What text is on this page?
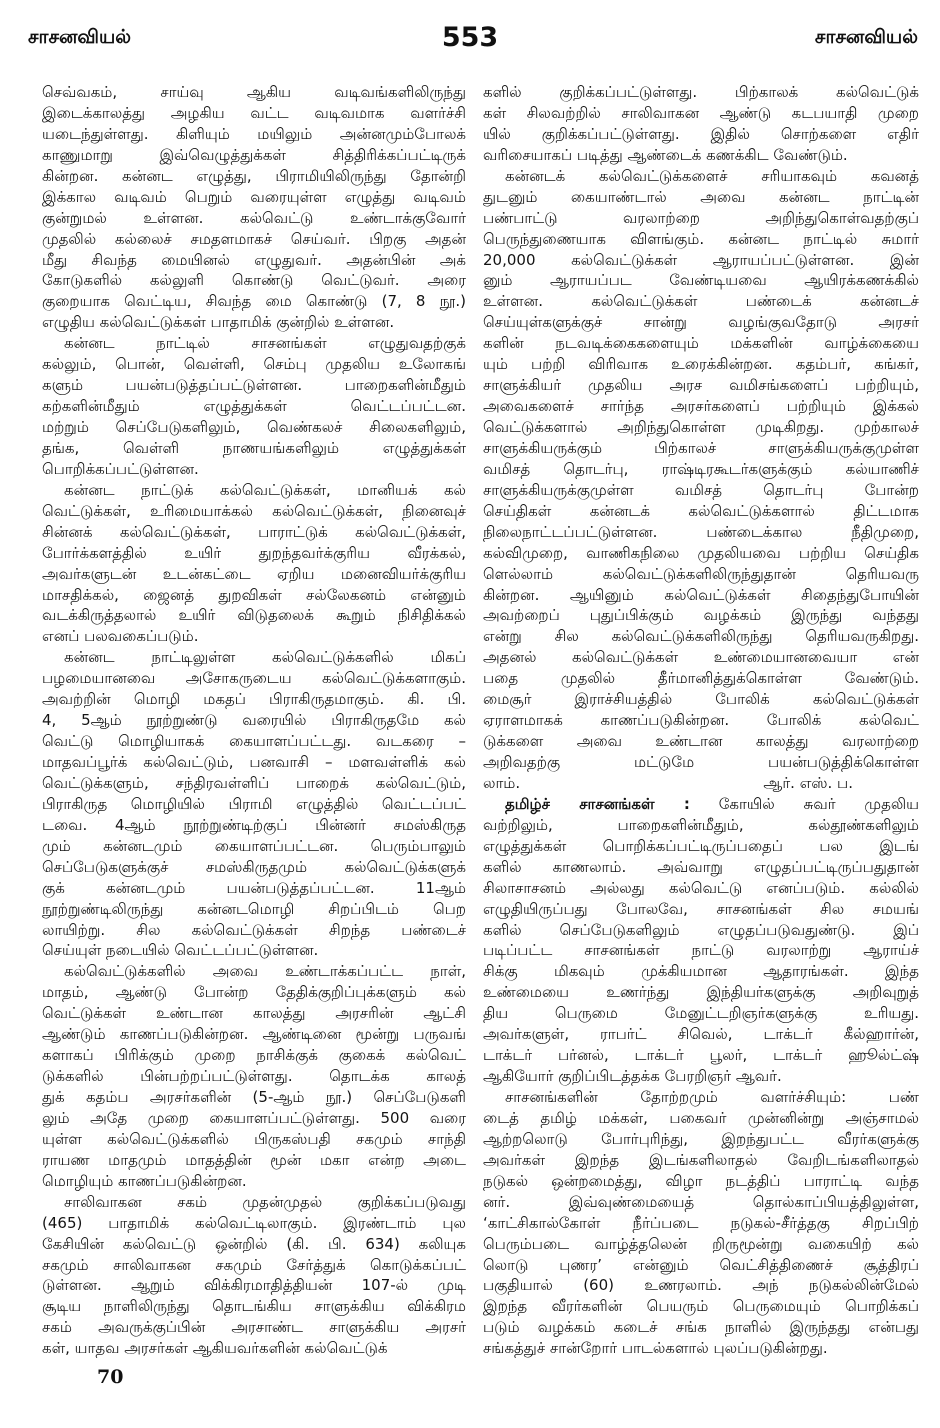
சாசனவியல்	553	சாசனவியல்
செவ்வகம், சாய்வு ஆகிய வடிவங்களிலிருந்து
இடைக்காலத்து அழகிய வட்ட வடிவமாக வளர்ச்சி
யடைந்துள்ளது. கிளியும் மயிலும் அன்னமும்போலக்
காணுமாறு இவ்வெழுத்துக்கள் சித்திரிக்கப்பட்டிருக்
கின்றன. கன்னட எழுத்து, பிராமியிலிருந்து தோன்றி
இக்கால வடிவம் பெறும் வரையுள்ள எழுத்து வடிவம்
குன்றுமல் உள்ளன. கல்வெட்டு உண்டாக்குவோர்
முதலில் கல்லைச் சமதளமாகச் செய்வர். பிறகு அதன்
மீது சிவந்த மையினல் எழுதுவர். அதன்பின் அக்
கோடுகளில் கல்லுளி கொண்டு வெட்டுவர். அரை
குறையாக வெட்டிய, சிவந்த மை கொண்டு (7, 8 நூ.)
எழுதிய கல்வெட்டுக்கள் பாதாமிக் குன்றில் உள்ளன.
கன்னட நாட்டில் சாசனங்கள் எழுதுவதற்குக்
கல்லும், பொன், வெள்ளி, செம்பு முதலிய உலோகங்
களும் பயன்படுத்தப்பட்டுள்ளன. பாறைகளின்மீதும்
கற்களின்மீதும் எழுத்துக்கள் வெட்டப்பட்டன.
மற்றும் செப்பேடுகளிலும், வெண்கலச் சிலைகளிலும்,
தங்க, வெள்ளி நாணயங்களிலும் எழுத்துக்கள்
பொறிக்கப்பட்டுள்ளன.
கன்னட நாட்டுக் கல்வெட்டுக்கள், மானியக் கல்
வெட்டுக்கள், உரிமையாக்கல் கல்வெட்டுக்கள், நினைவுச்
சின்னக் கல்வெட்டுக்கள், பாராட்டுக் கல்வெட்டுக்கள்,
போர்க்களத்தில் உயிர் துறந்தவர்க்குரிய வீரக்கல்,
அவர்களுடன் உடன்கட்டை ஏறிய மனைவியர்க்குரிய
மாசதிக்கல், ஜைனத் துறவிகள் சல்லேகனம் என்னும்
வடக்கிருத்தலால் உயிர் விடுதலைக் கூறும் நிசிதிக்கல்
எனப் பலவகைப்படும்.
கன்னட நாட்டிலுள்ள கல்வெட்டுக்களில் மிகப்
பழமையானவை அசோகருடைய கல்வெட்டுக்களாகும்.
அவற்றின் மொழி மகதப் பிராகிருதமாகும். கி. பி.
4, 5ஆம் நூற்றுண்டு வரையில் பிராகிருதமே கல்
வெட்டு மொழியாகக் கையாளப்பட்டது. வடகரை –
மாதவப்பூர்க் கல்வெட்டும், பனவாசி – மளவள்ளிக் கல்
வெட்டுக்களும், சந்திரவள்ளிப் பாறைக் கல்வெட்டும்,
பிராகிருத மொழியில் பிராமி எழுத்தில் வெட்டப்பட்
டவை. 4ஆம் நூற்றுண்டிற்குப் பின்னர் சமஸ்கிருத
மும் கன்னடமும் கையாளப்பட்டன. பெரும்பாலும்
செப்பேடுகளுக்குச் சமஸ்கிருதமும் கல்வெட்டுக்களுக்
குக் கன்னடமும் பயன்படுத்தப்பட்டன. 11ஆம்
நூற்றுண்டிலிருந்து கன்னடமொழி சிறப்பிடம் பெற
லாயிற்று. சில கல்வெட்டுக்கள் சிறந்த பண்டைச்
செய்யுள் நடையில் வெட்டப்பட்டுள்ளன.
கல்வெட்டுக்களில் அவை உண்டாக்கப்பட்ட நாள்,
மாதம், ஆண்டு போன்ற தேதிக்குறிப்புக்களும் கல்
வெட்டுக்கள் உண்டான காலத்து அரசரின் ஆட்சி
ஆண்டும் காணப்படுகின்றன. ஆண்டினை மூன்று பருவங்
களாகப் பிரிக்கும் முறை நாசிக்குக் குகைக் கல்வெட்
டுக்களில் பின்பற்றப்பட்டுள்ளது. தொடக்க காலத்
துக் கதம்ப அரசர்களின் (5-ஆம் நூ.) செப்பேடுகளி
லும் அதே முறை கையாளப்பட்டுள்ளது. 500 வரை
யுள்ள கல்வெட்டுக்களில் பிருகஸ்பதி சகமும் சாந்தி
ராயண மாதமும் மாதத்தின் மூன் மகா என்ற அடை
மொழியும் காணப்படுகின்றன.
சாலிவாகன சகம் முதன்முதல் குறிக்கப்படுவது
(465) பாதாமிக் கல்வெட்டிலாகும். இரண்டாம் புல
கேசியின் கல்வெட்டு ஒன்றில் (கி. பி. 634) கலியுக
சகமும் சாலிவாகன சகமும் சேர்த்துக் கொடுக்கப்பட்
டுள்ளன. ஆறும் விக்கிரமாதித்தியன் 107-ல் முடி
சூடிய நாளிலிருந்து தொடங்கிய சாளுக்கிய விக்கிரம
சகம் அவருக்குப்பின் அரசாண்ட சாளுக்கிய அரசர்
கள், யாதவ அரசர்கள் ஆகியவர்களின் கல்வெட்டுக்
களில் குறிக்கப்பட்டுள்ளது. பிற்காலக் கல்வெட்டுக்
கள் சிலவற்றில் சாலிவாகன ஆண்டு கடபயாதி முறை
யில் குறிக்கப்பட்டுள்ளது. இதில் சொற்களை எதிர்
வரிசையாகப் படித்து ஆண்டைக் கணக்கிட வேண்டும்.
கன்னடக் கல்வெட்டுக்களைச் சரியாகவும் கவனத்
துடனும் கையாண்டால் அவை கன்னட நாட்டின்
பண்பாட்டு வரலாற்றை அறிந்துகொள்வதற்குப்
பெருந்துணையாக விளங்கும். கன்னட நாட்டில் சுமார்
20,000 கல்வெட்டுக்கள் ஆராயப்பட்டுள்ளன. இன்
னும் ஆராயப்பட வேண்டியவை ஆயிரக்கணக்கில்
உள்ளன. கல்வெட்டுக்கள் பண்டைக் கன்னடச்
செய்யுள்களுக்குச் சான்று வழங்குவதோடு அரசர்
களின் நடவடிக்கைகளையும் மக்களின் வாழ்க்கையை
யும் பற்றி விரிவாக உரைக்கின்றன. கதம்பர், கங்கர்,
சாளுக்கியர் முதலிய அரச வமிசங்களைப் பற்றியும்,
அவைகளைச் சார்ந்த அரசர்களைப் பற்றியும் இக்கல்
வெட்டுக்களால் அறிந்துகொள்ள முடிகிறது. முற்காலச்
சாளுக்கியருக்கும் பிற்காலச் சாளுக்கியருக்குமுள்ள
வமிசத் தொடர்பு, ராஷ்டிரகூடர்களுக்கும் கல்யாணிச்
சாளுக்கியருக்குமுள்ள வமிசத் தொடர்பு போன்ற
செய்திகள் கன்னடக் கல்வெட்டுக்களால் திட்டமாக
நிலைநாட்டப்பட்டுள்ளன. பண்டைக்கால நீதிமுறை,
கல்விமுறை, வாணிகநிலை முதலியவை பற்றிய செய்திக
ளெல்லாம் கல்வெட்டுக்களிலிருந்துதான் தெரியவரு
கின்றன. ஆயினும் கல்வெட்டுக்கள் சிதைந்துபோயின்
அவற்றைப் புதுப்பிக்கும் வழக்கம் இருந்து வந்தது
என்று சில கல்வெட்டுக்களிலிருந்து தெரியவருகிறது.
அதனல் கல்வெட்டுக்கள் உண்மையானவையா என்
பதை முதலில் தீர்மானித்துக்கொள்ள வேண்டும்.
மைசூர் இராச்சியத்தில் போலிக் கல்வெட்டுக்கள்
ஏராளமாகக் காணப்படுகின்றன. போலிக் கல்வெட்
டுக்களை அவை உண்டான காலத்து வரலாற்றை
அறிவதற்கு மட்டுமே பயன்படுத்திக்கொள்ள
லாம்.	ஆர். எஸ். ப.
தமிழ்ச் சாசனங்கள் : கோயில் சுவர் முதலிய
வற்றிலும், பாறைகளின்மீதும், கல்தூண்களிலும்
எழுத்துக்கள் பொறிக்கப்பட்டிருப்பதைப் பல இடங்
களில் காணலாம். அவ்வாறு எழுதப்பட்டிருப்பதுதான்
சிலாசாசனம் அல்லது கல்வெட்டு எனப்படும். கல்லில்
எழுதியிருப்பது போலவே, சாசனங்கள் சில சமயங்
களில் செப்பேடுகளிலும் எழுதப்படுவதுண்டு. இப்
படிப்பட்ட சாசனங்கள் நாட்டு வரலாற்று ஆராய்ச்
சிக்கு மிகவும் முக்கியமான ஆதாரங்கள். இந்த
உண்மையை உணர்ந்து இந்தியர்களுக்கு அறிவுறுத்
திய பெருமை மேனுட்டறிஞர்களுக்கு உரியது.
அவர்களுள், ராபர்ட் சிவெல், டாக்டர் கீல்ஹார்ன்,
டாக்டர் பர்னல், டாக்டர் பூலர், டாக்டர் ஹூல்ட்ஷ்
ஆகியோர் குறிப்பிடத்தக்க பேரறிஞர் ஆவர்.
சாசனங்களின் தோற்றமும் வளர்ச்சியும்: பண்
டைத் தமிழ் மக்கள், பகைவர் முன்னின்று அஞ்சாமல்
ஆற்றலொடு போர்புரிந்து, இறந்துபட்ட வீரர்களுக்கு
அவர்கள் இறந்த இடங்களிலாதல் வேறிடங்களிலாதல்
நடுகல் ஒன்றமைத்து, விழா நடத்திப் பாராட்டி வந்த
னர். இவ்வுண்மையைத் தொல்காப்பியத்திலுள்ள,
‘காட்சிகால்கோள் நீர்ப்படை நடுகல்-சீர்த்தகு சிறப்பிற்
பெரும்படை வாழ்த்தலென் றிருமூன்று வகையிற் கல்
லொடு புணர’ என்னும் வெட்சித்திணைச் சூத்திரப்
பகுதியால் (60) உணரலாம். அந் நடுகல்லின்மேல்
இறந்த வீரர்களின் பெயரும் பெருமையும் பொறிக்கப்
படும் வழக்கம் கடைச் சங்க நாளில் இருந்தது என்பது
சங்கத்துச் சான்றோர் பாடல்களால் புலப்படுகின்றது.
70
